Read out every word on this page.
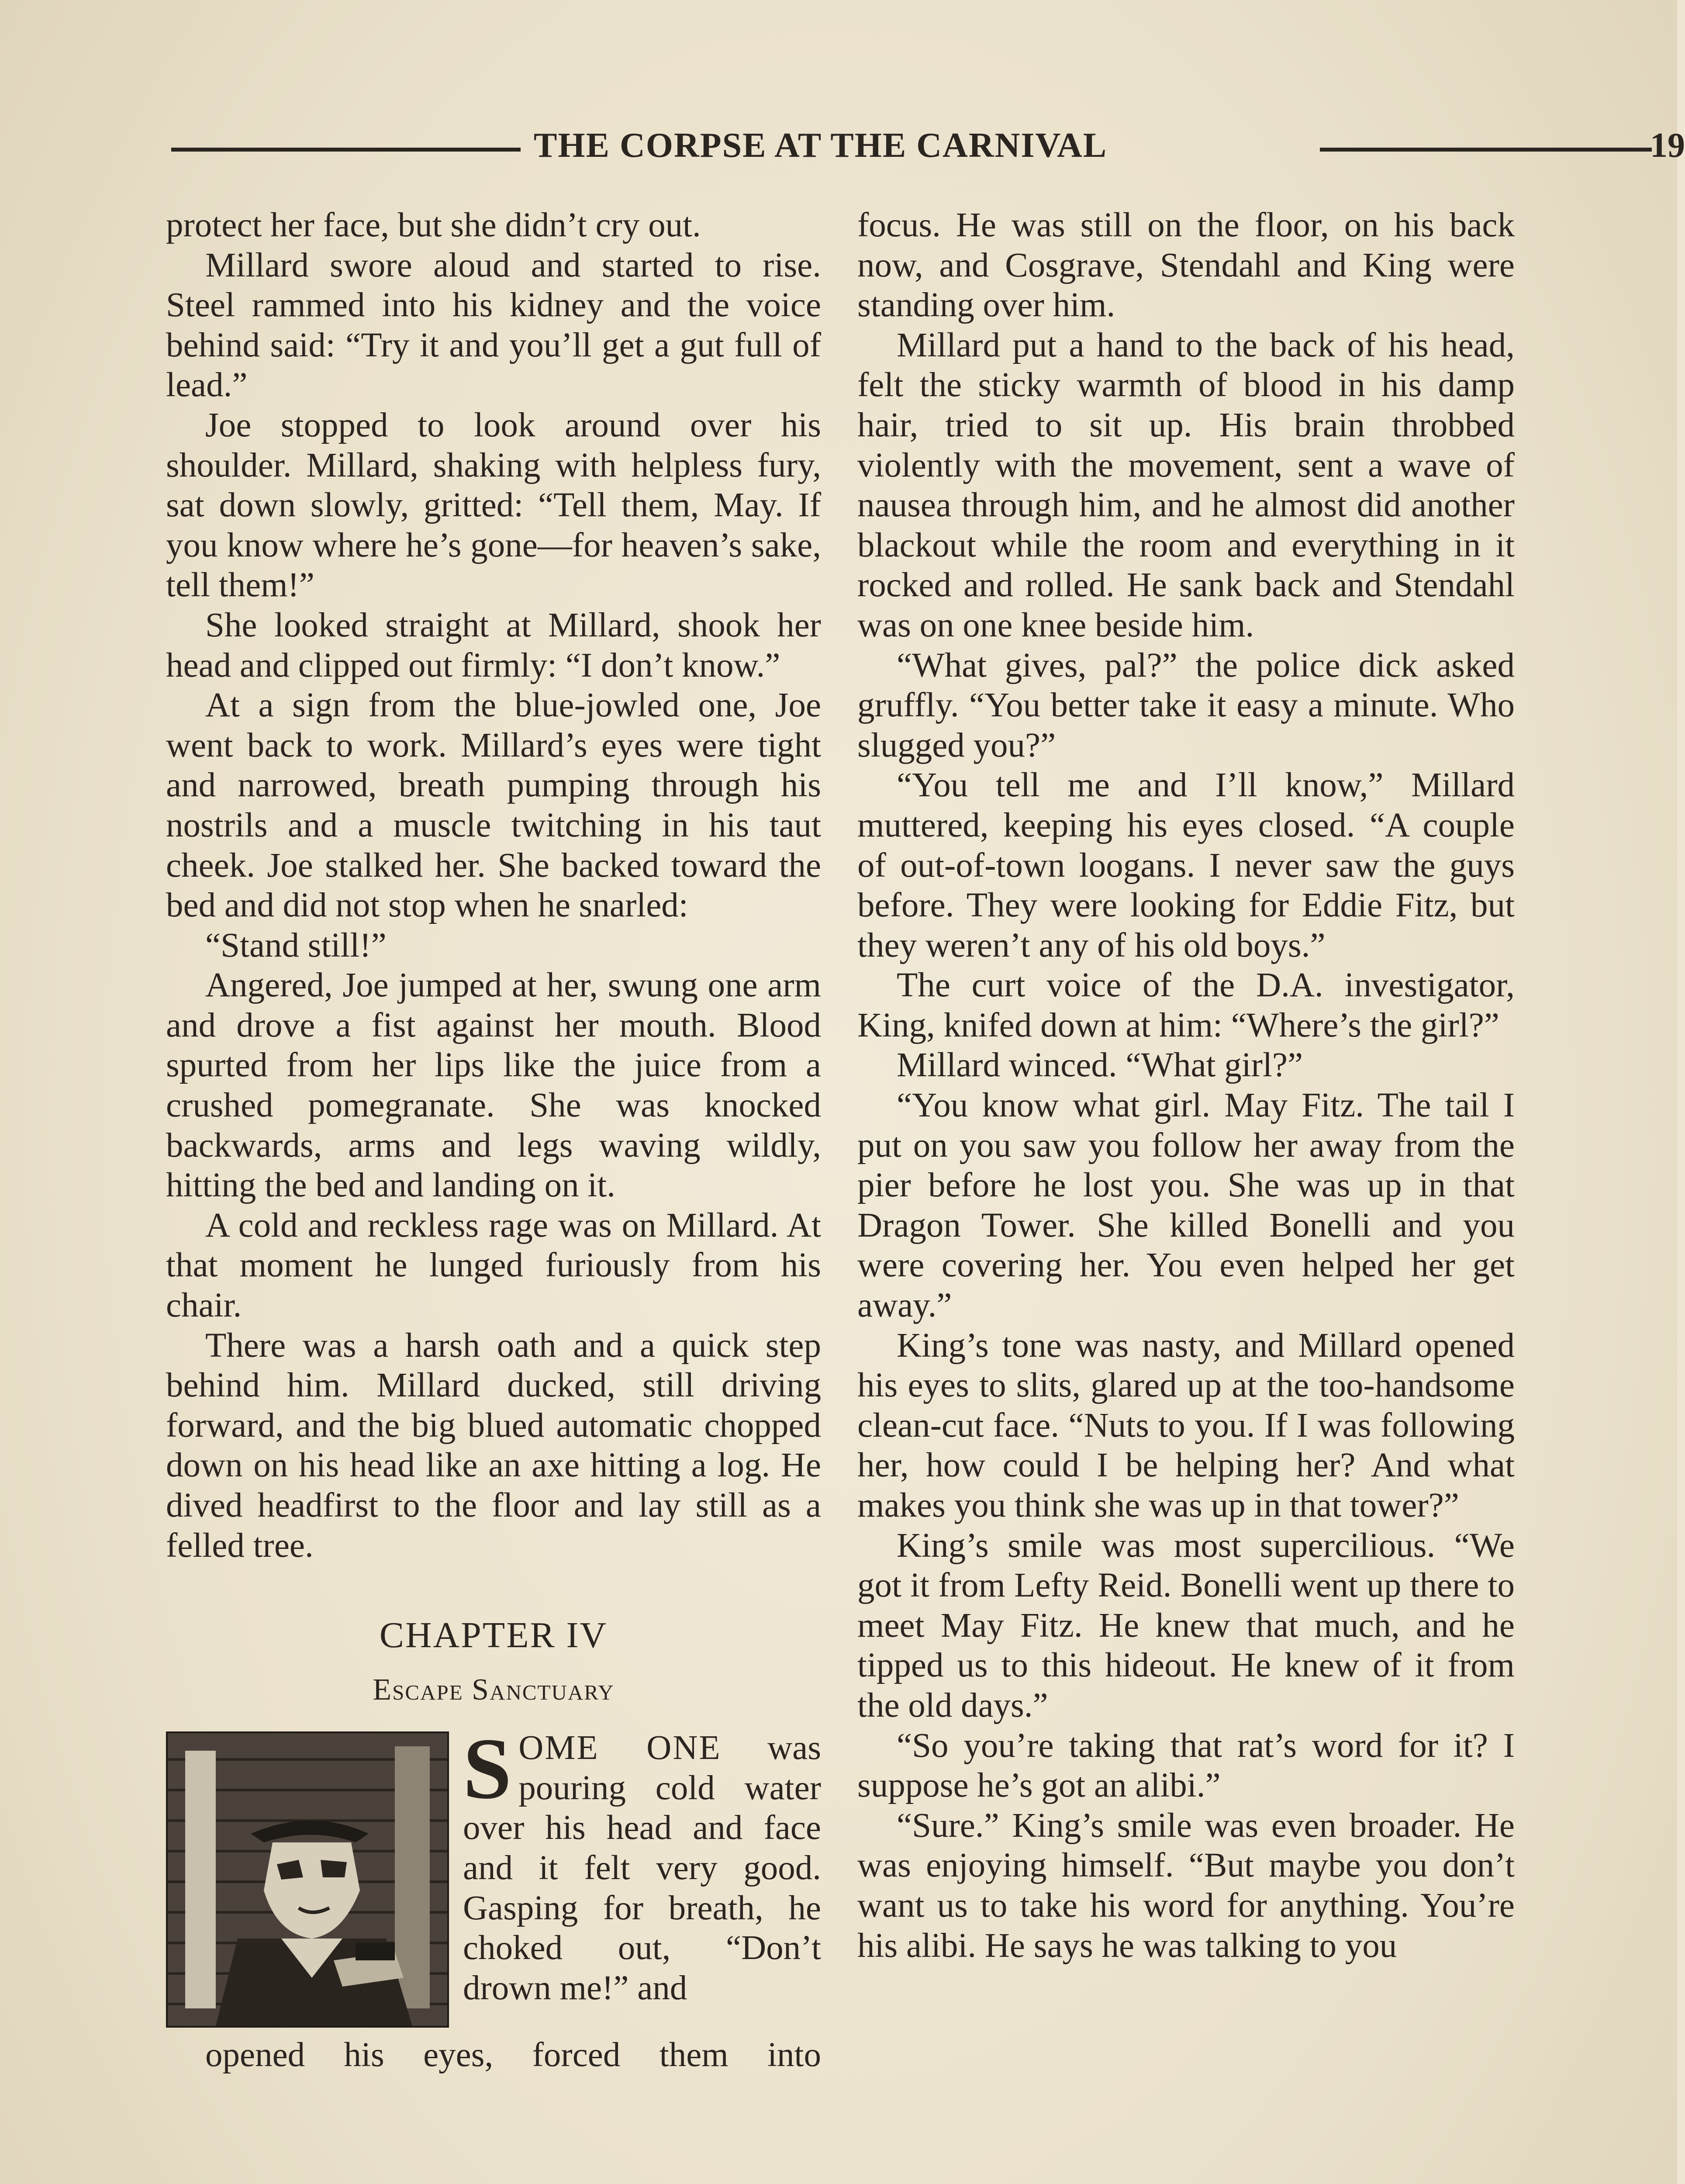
THE CORPSE AT THE CARNIVAL	19

protect her face, but she didn’t cry out.

Millard swore aloud and started to rise. Steel rammed into his kidney and the voice behind said: “Try it and you’ll get a gut full of lead.”

Joe stopped to look around over his shoulder. Millard, shaking with helpless fury, sat down slowly, gritted: “Tell them, May. If you know where he’s gone—for heaven’s sake, tell them!”

She looked straight at Millard, shook her head and clipped out firmly: “I don’t know.”

At a sign from the blue-jowled one, Joe went back to work. Millard’s eyes were tight and narrowed, breath pumping through his nostrils and a muscle twitching in his taut cheek. Joe stalked her. She backed toward the bed and did not stop when he snarled:

“Stand still!”

Angered, Joe jumped at her, swung one arm and drove a fist against her mouth. Blood spurted from her lips like the juice from a crushed pomegranate. She was knocked backwards, arms and legs waving wildly, hitting the bed and landing on it.

A cold and reckless rage was on Millard. At that moment he lunged furiously from his chair.

There was a harsh oath and a quick step behind him. Millard ducked, still driving forward, and the big blued automatic chopped down on his head like an axe hitting a log. He dived headfirst to the floor and lay still as a felled tree.

CHAPTER IV
Escape Sanctuary
SOME ONE was pouring cold water over his head and face and it felt very good. Gasping for breath, he choked out, “Don’t drown me!” and

opened his eyes, forced them into

focus. He was still on the floor, on his back now, and Cosgrave, Stendahl and King were standing over him.

Millard put a hand to the back of his head, felt the sticky warmth of blood in his damp hair, tried to sit up. His brain throbbed violently with the movement, sent a wave of nausea through him, and he almost did another blackout while the room and everything in it rocked and rolled. He sank back and Stendahl was on one knee beside him.

“What gives, pal?” the police dick asked gruffly. “You better take it easy a minute. Who slugged you?”

“You tell me and I’ll know,” Millard muttered, keeping his eyes closed. “A couple of out-of-town loogans. I never saw the guys before. They were looking for Eddie Fitz, but they weren’t any of his old boys.”

The curt voice of the D.A. investigator, King, knifed down at him: “Where’s the girl?”

Millard winced. “What girl?”

“You know what girl. May Fitz. The tail I put on you saw you follow her away from the pier before he lost you. She was up in that Dragon Tower. She killed Bonelli and you were covering her. You even helped her get away.”

King’s tone was nasty, and Millard opened his eyes to slits, glared up at the too-handsome clean-cut face. “Nuts to you. If I was following her, how could I be helping her? And what makes you think she was up in that tower?”

King’s smile was most supercilious. “We got it from Lefty Reid. Bonelli went up there to meet May Fitz. He knew that much, and he tipped us to this hideout. He knew of it from the old days.”

“So you’re taking that rat’s word for it? I suppose he’s got an alibi.”

“Sure.” King’s smile was even broader. He was enjoying himself. “But maybe you don’t want us to take his word for anything. You’re his alibi. He says he was talking to you
